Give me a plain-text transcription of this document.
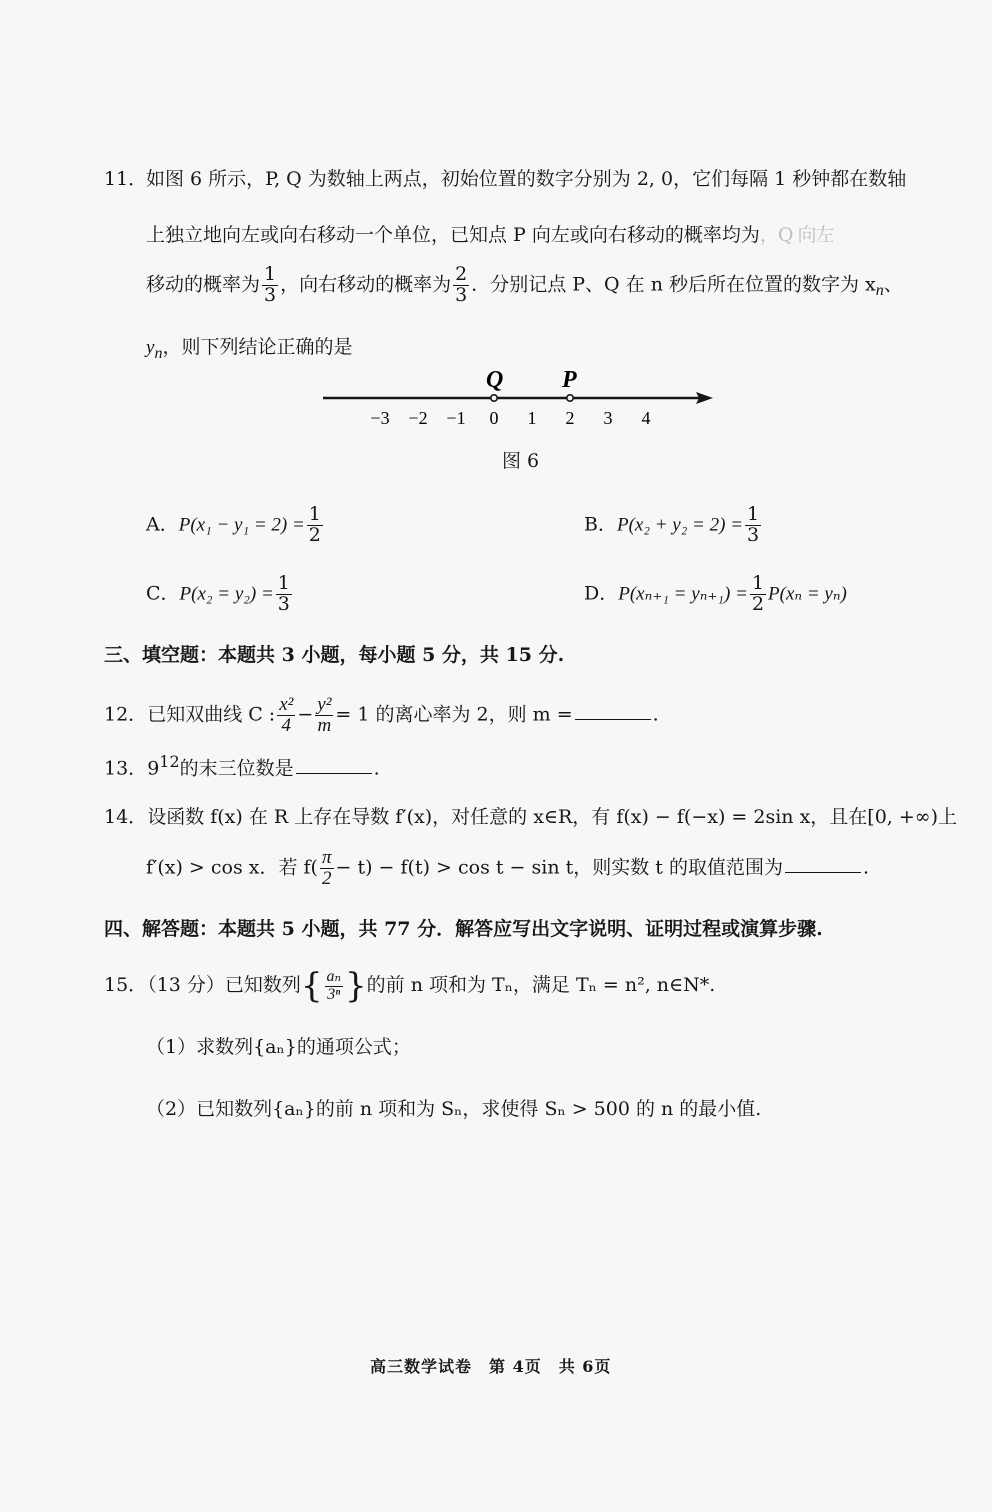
11．
如图 6 所示，P, Q 为数轴上两点，初始位置的数字分别为 2, 0，它们每隔 1 秒钟都在数轴
上独立地向左或向右移动一个单位，已知点 P 向左或向右移动的概率均为，Q 向左
移动的概率为 $\frac{1}{3}$ ，向右移动的概率为 $\frac{2}{3}$ ．分别记点 P、Q 在 n 秒后所在位置的数字为 $x_n$、
$y_n$，则下列结论正确的是
−3 −2 −1 0 1 2 3 4
Q P
图 6
A．$P(x_1 - y_1 = 2) = \frac{1}{2}$	B．$P(x_2 + y_2 = 2) = \frac{1}{3}$
C．$P(x_2 = y_2) = \frac{1}{3}$	D．$P(x_{n+1} = y_{n+1}) = \frac{1}{2} P(x_n = y_n)$
三、填空题：本题共 3 小题，每小题 5 分，共 15 分.
12．已知双曲线 C : $\frac{\text{x²}}{4} - \frac{\text{y²}}{m} = 1$ 的离心率为 2，则 m =	.
13．$9^{12}$的末三位数是	.
14．设函数 f(x) 在 R 上存在导数 f′(x)，对任意的 x∈R，有 f(x) − f(−x) = 2sin x，且在[0, +∞)上
f′(x) > cos x．若 $f( \frac{\pi}{2} - t) - f(t) > \cos t - \sin t$，则实数 t 的取值范围为	.
四、解答题：本题共 5 小题，共 77 分．解答应写出文字说明、证明过程或演算步骤.
15．（13 分）已知数列{ $\frac{\text{aₙ}}{\text{3ⁿ}}$ }的前 n 项和为 Tₙ，满足 Tₙ = n², n∈N*.
（1）求数列{aₙ}的通项公式；
（2）已知数列{aₙ}的前 n 项和为 Sₙ，求使得 Sₙ > 500 的 n 的最小值.
高三数学试卷　第 4页　共 6页
